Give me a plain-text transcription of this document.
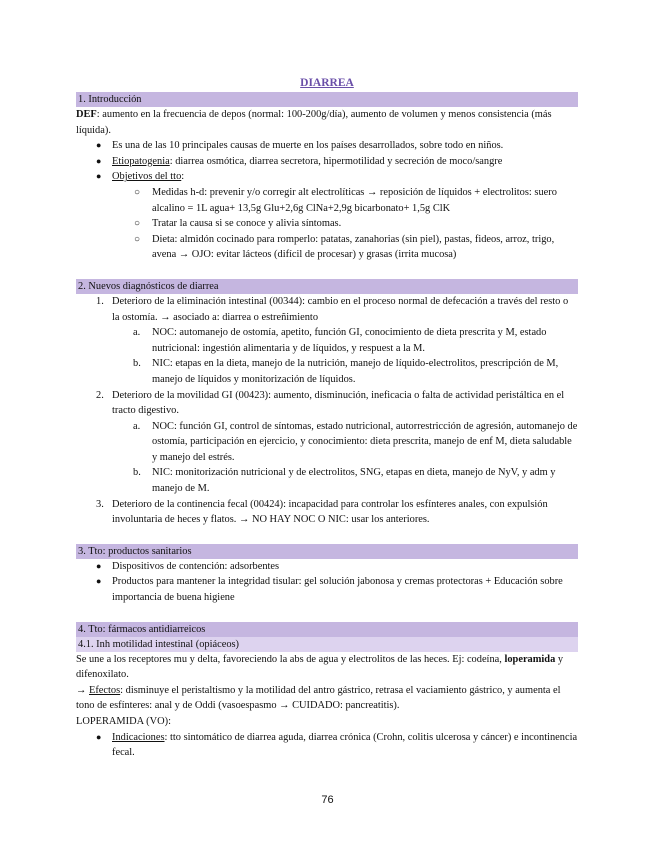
DIARREA
1. Introducción

DEF: aumento en la frecuencia de depos (normal: 100-200g/día), aumento de volumen y menos consistencia (más líquida).

● Es una de las 10 principales causas de muerte en los países desarrollados, sobre todo en niños.
● Etiopatogenia: diarrea osmótica, diarrea secretora, hipermotilidad y secreción de moco/sangre
● Objetivos del tto:
○ Medidas h-d: prevenir y/o corregir alt electrolíticas → reposición de líquidos + electrolitos: suero alcalino = 1L agua+ 13,5g Glu+2,6g ClNa+2,9g bicarbonato+ 1,5g ClK
○ Tratar la causa si se conoce y alivia síntomas.
○ Dieta: almidón cocinado para romperlo: patatas, zanahorias (sin piel), pastas, fideos, arroz, trigo, avena → OJO: evitar lácteos (difícil de procesar) y grasas (irrita mucosa)
2. Nuevos diagnósticos de diarrea
1. Deterioro de la eliminación intestinal (00344): cambio en el proceso normal de defecación a través del resto o la ostomía. → asociado a: diarrea o estreñimiento
a. NOC: automanejo de ostomía, apetito, función GI, conocimiento de dieta prescrita y M, estado nutricional: ingestión alimentaria y de líquidos, y respuest a la M.
b. NIC: etapas en la dieta, manejo de la nutrición, manejo de líquido-electrolitos, prescripción de M, manejo de líquidos y monitorización de líquidos.
2. Deterioro de la movilidad GI (00423): aumento, disminución, ineficacia o falta de actividad peristáltica en el tracto digestivo.
a. NOC: función GI, control de síntomas, estado nutricional, autorrestricción de agresión, automanejo de ostomía, participación en ejercicio, y conocimiento: dieta prescrita, manejo de enf M, dieta saludable y manejo del estrés.
b. NIC: monitorización nutricional y de electrolitos, SNG, etapas en dieta, manejo de NyV, y adm y manejo de M.
3. Deterioro de la continencia fecal (00424): incapacidad para controlar los esfínteres anales, con expulsión involuntaria de heces y flatos. → NO HAY NOC O NIC: usar los anteriores.
3. Tto: productos sanitarios
● Dispositivos de contención: adsorbentes
● Productos para mantener la integridad tisular: gel solución jabonosa y cremas protectoras + Educación sobre importancia de buena higiene
4. Tto: fármacos antidiarreicos
4.1. Inh motilidad intestinal (opiáceos)

Se une a los receptores mu y delta, favoreciendo la abs de agua y electrolitos de las heces. Ej: codeína, loperamida y difenoxilato.

→ Efectos: disminuye el peristaltismo y la motilidad del antro gástrico, retrasa el vaciamiento gástrico, y aumenta el tono de esfínteres: anal y de Oddi (vasoespasmo → CUIDADO: pancreatitis).

LOPERAMIDA (VO):

● Indicaciones: tto sintomático de diarrea aguda, diarrea crónica (Crohn, colitis ulcerosa y cáncer) e incontinencia fecal.
76
